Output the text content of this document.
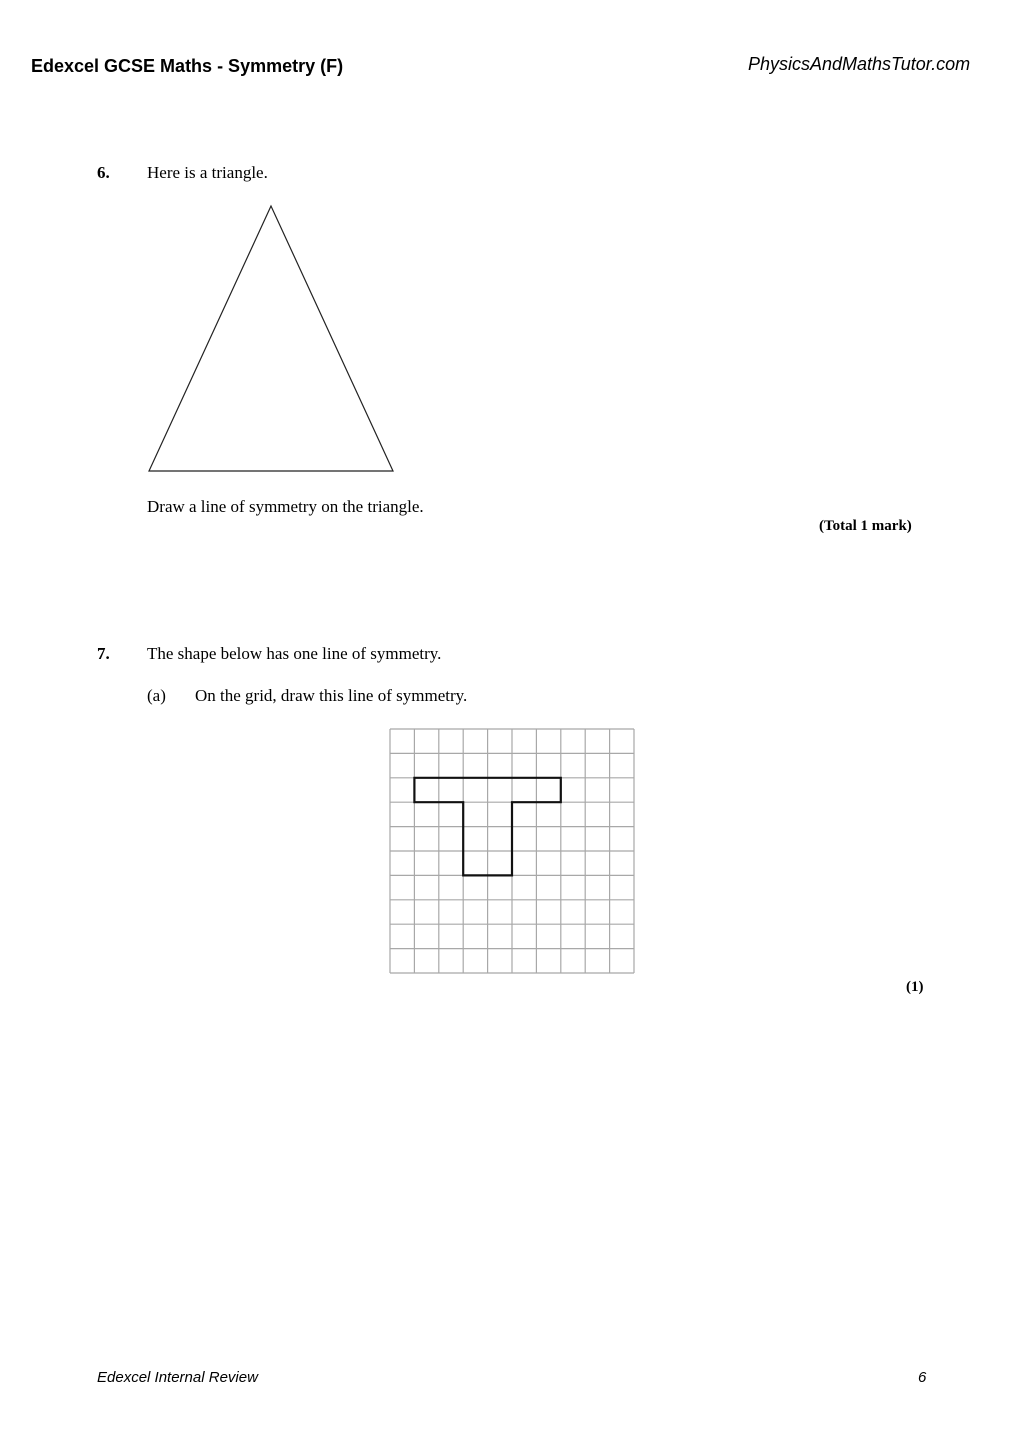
Edexcel GCSE Maths - Symmetry (F)	PhysicsAndMathsTutor.com
6. Here is a triangle.
Draw a line of symmetry on the triangle.
(Total 1 mark)
7. The shape below has one line of symmetry.
(a) On the grid, draw this line of symmetry.
(1)
Edexcel Internal Review	6
